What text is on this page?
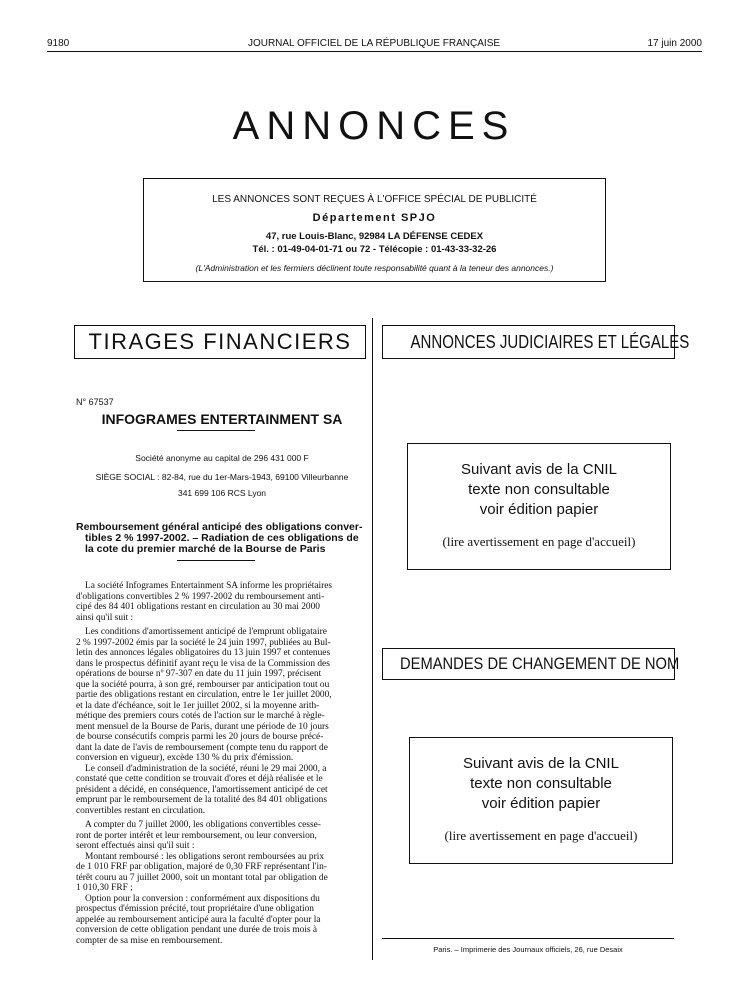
9180	JOURNAL OFFICIEL DE LA RÉPUBLIQUE FRANÇAISE	17 juin 2000
ANNONCES
LES ANNONCES SONT REÇUES À L'OFFICE SPÉCIAL DE PUBLICITÉ
Département SPJO
47, rue Louis-Blanc, 92984 LA DÉFENSE CEDEX
Tél. : 01-49-04-01-71 ou 72 - Télécopie : 01-43-33-32-26
(L'Administration et les fermiers déclinent toute responsabilité quant à la teneur des annonces.)
TIRAGES FINANCIERS	ANNONCES JUDICIAIRES ET LÉGALES
DEMANDES DE CHANGEMENT DE NOM
N° 67537
INFOGRAMES ENTERTAINMENT SA
Société anonyme au capital de 296 431 000 F
SIÈGE SOCIAL : 82-84, rue du 1er-Mars-1943, 69100 Villeurbanne
341 699 106 RCS Lyon
Remboursement général anticipé des obligations conver-
tibles 2 % 1997-2002. – Radiation de ces obligations de
la cote du premier marché de la Bourse de Paris
La société Infogrames Entertainment SA informe les propriétaires
d'obligations convertibles 2 % 1997-2002 du remboursement anti-
cipé des 84 401 obligations restant en circulation au 30 mai 2000
ainsi qu'il suit :
Les conditions d'amortissement anticipé de l'emprunt obligataire
2 % 1997-2002 émis par la société le 24 juin 1997, publiées au Bul-
letin des annonces légales obligatoires du 13 juin 1997 et contenues
dans le prospectus définitif ayant reçu le visa de la Commission des
opérations de bourse nº 97-307 en date du 11 juin 1997, précisent
que la société pourra, à son gré, rembourser par anticipation tout ou
partie des obligations restant en circulation, entre le 1er juillet 2000,
et la date d'échéance, soit le 1er juillet 2002, si la moyenne arith-
métique des premiers cours cotés de l'action sur le marché à règle-
ment mensuel de la Bourse de Paris, durant une période de 10 jours
de bourse consécutifs compris parmi les 20 jours de bourse précé-
dant la date de l'avis de remboursement (compte tenu du rapport de
conversion en vigueur), excède 130 % du prix d'émission.
Le conseil d'administration de la société, réuni le 29 mai 2000, a
constaté que cette condition se trouvait d'ores et déjà réalisée et le
président a décidé, en conséquence, l'amortissement anticipé de cet
emprunt par le remboursement de la totalité des 84 401 obligations
convertibles restant en circulation.
A compter du 7 juillet 2000, les obligations convertibles cesse-
ront de porter intérêt et leur remboursement, ou leur conversion,
seront effectués ainsi qu'il suit :
Montant remboursé : les obligations seront remboursées au prix
de 1 010 FRF par obligation, majoré de 0,30 FRF représentant l'in-
térêt couru au 7 juillet 2000, soit un montant total par obligation de
1 010,30 FRF ;
Option pour la conversion : conformément aux dispositions du
prospectus d'émission précité, tout propriétaire d'une obligation
appelée au remboursement anticipé aura la faculté d'opter pour la
conversion de cette obligation pendant une durée de trois mois à
compter de sa mise en remboursement.
Suivant avis de la CNIL
texte non consultable
voir édition papier
(lire avertissement en page d'accueil)
Suivant avis de la CNIL
texte non consultable
voir édition papier
(lire avertissement en page d'accueil)
Paris. – Imprimerie des Journaux officiels, 26, rue Desaix
